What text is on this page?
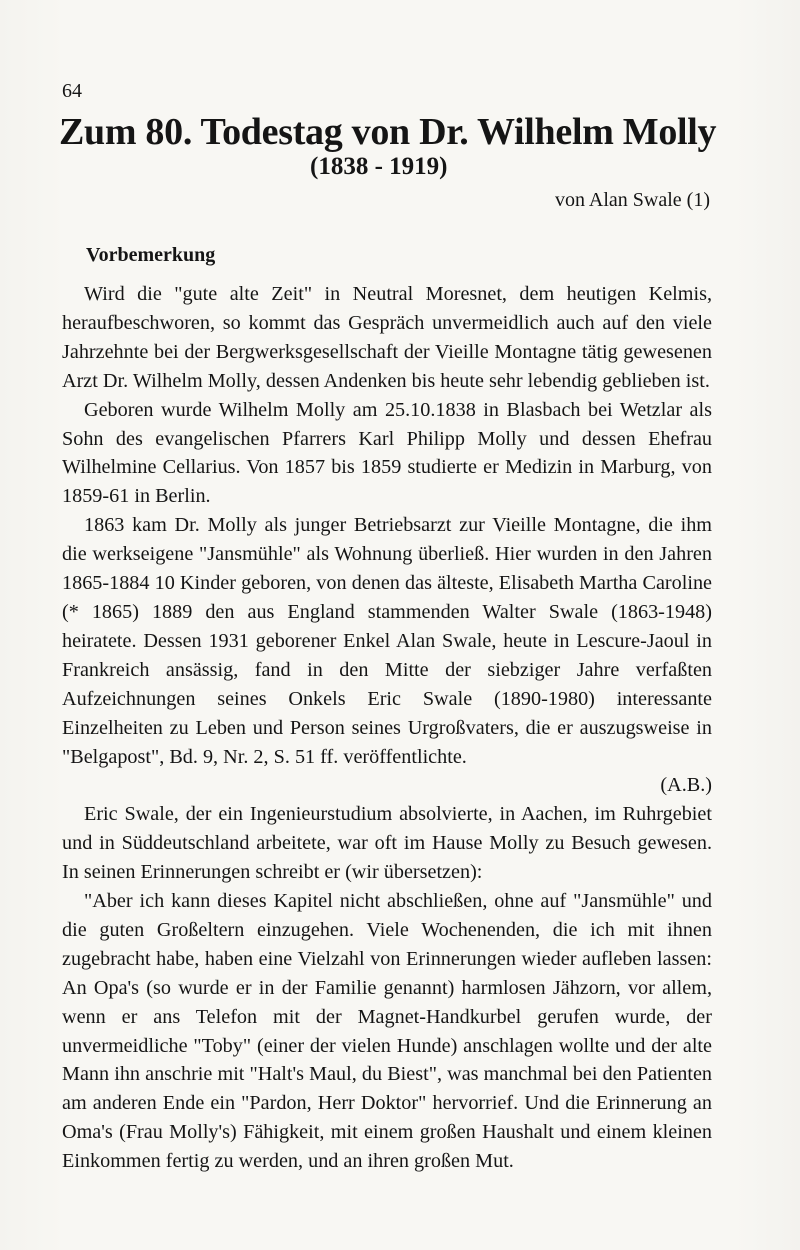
64
Zum 80. Todestag von Dr. Wilhelm Molly
(1838 - 1919)
von Alan Swale (1)
Vorbemerkung

Wird die "gute alte Zeit" in Neutral Moresnet, dem heutigen Kelmis, heraufbeschworen, so kommt das Gespräch unvermeidlich auch auf den viele Jahrzehnte bei der Bergwerksgesellschaft der Vieille Montagne tätig gewesenen Arzt Dr. Wilhelm Molly, dessen Andenken bis heute sehr lebendig geblieben ist.

Geboren wurde Wilhelm Molly am 25.10.1838 in Blasbach bei Wetzlar als Sohn des evangelischen Pfarrers Karl Philipp Molly und dessen Ehefrau Wilhelmine Cellarius. Von 1857 bis 1859 studierte er Medizin in Marburg, von 1859-61 in Berlin.

1863 kam Dr. Molly als junger Betriebsarzt zur Vieille Montagne, die ihm die werkseigene "Jansmühle" als Wohnung überließ. Hier wurden in den Jahren 1865-1884 10 Kinder geboren, von denen das älteste, Elisabeth Martha Caroline (* 1865) 1889 den aus England stammenden Walter Swale (1863-1948) heiratete. Dessen 1931 geborener Enkel Alan Swale, heute in Lescure-Jaoul in Frankreich ansässig, fand in den Mitte der siebziger Jahre verfaßten Aufzeichnungen seines Onkels Eric Swale (1890-1980) interessante Einzelheiten zu Leben und Person seines Urgroßvaters, die er auszugsweise in "Belgapost", Bd. 9, Nr. 2, S. 51 ff. veröffentlichte.

(A.B.)

Eric Swale, der ein Ingenieurstudium absolvierte, in Aachen, im Ruhrgebiet und in Süddeutschland arbeitete, war oft im Hause Molly zu Besuch gewesen. In seinen Erinnerungen schreibt er (wir übersetzen):

"Aber ich kann dieses Kapitel nicht abschließen, ohne auf "Jansmühle" und die guten Großeltern einzugehen. Viele Wochenenden, die ich mit ihnen zugebracht habe, haben eine Vielzahl von Erinnerungen wieder aufleben lassen: An Opa's (so wurde er in der Familie genannt) harmlosen Jähzorn, vor allem, wenn er ans Telefon mit der Magnet-Handkurbel gerufen wurde, der unvermeidliche "Toby" (einer der vielen Hunde) anschlagen wollte und der alte Mann ihn anschrie mit "Halt's Maul, du Biest", was manchmal bei den Patienten am anderen Ende ein "Pardon, Herr Doktor" hervorrief. Und die Erinnerung an Oma's (Frau Molly's) Fähigkeit, mit einem großen Haushalt und einem kleinen Einkommen fertig zu werden, und an ihren großen Mut.
